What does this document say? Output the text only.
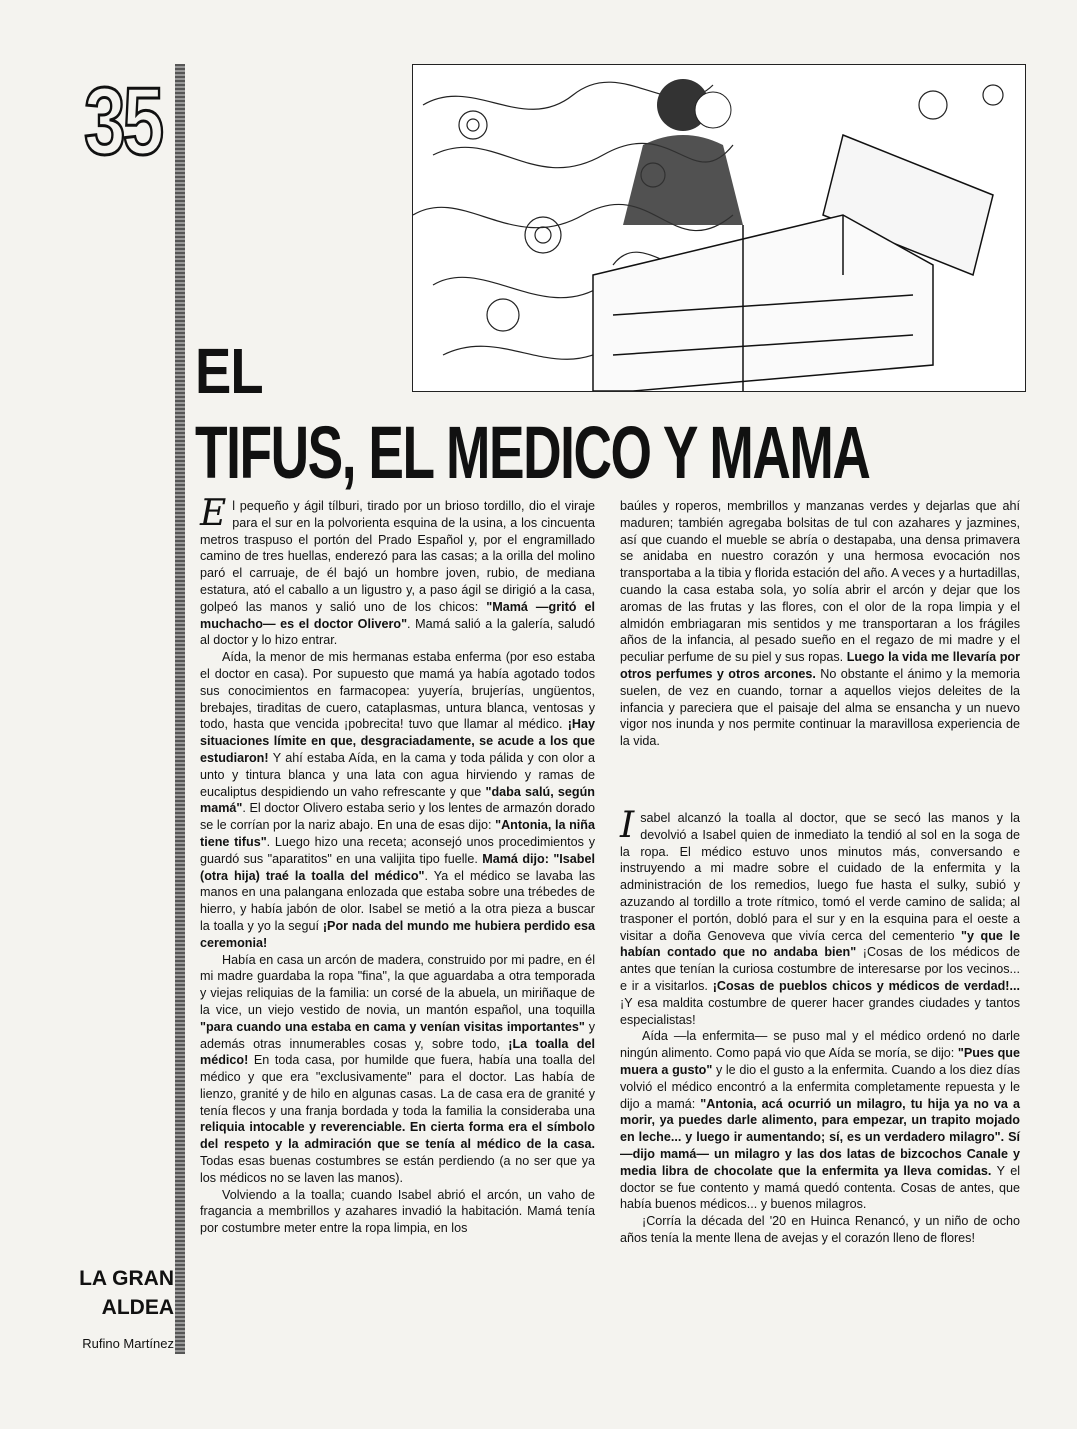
35
EL
TIFUS, EL MEDICO Y MAMA

El pequeño y ágil tílburi, tirado por un brioso tordillo, dio el viraje para el sur en la polvorienta esquina de la usina, a los cincuenta metros traspuso el portón del Prado Español y, por el engramillado camino de tres huellas, enderezó para las casas; a la orilla del molino paró el carruaje, de él bajó un hombre joven, rubio, de mediana estatura, ató el caballo a un ligustro y, a paso ágil se dirigió a la casa, golpeó las manos y salió uno de los chicos: "Mamá —gritó el muchacho— es el doctor Olivero". Mamá salió a la galería, saludó al doctor y lo hizo entrar.

Aída, la menor de mis hermanas estaba enferma (por eso estaba el doctor en casa). Por supuesto que mamá ya había agotado todos sus conocimientos en farmacopea: yuyería, brujerías, ungüentos, brebajes, tiraditas de cuero, cataplasmas, untura blanca, ventosas y todo, hasta que vencida ¡pobrecita! tuvo que llamar al médico. ¡Hay situaciones límite en que, desgraciadamente, se acude a los que estudiaron! Y ahí estaba Aída, en la cama y toda pálida y con olor a unto y tintura blanca y una lata con agua hirviendo y ramas de eucaliptus despidiendo un vaho refrescante y que "daba salú, según mamá". El doctor Olivero estaba serio y los lentes de armazón dorado se le corrían por la nariz abajo. En una de esas dijo: "Antonia, la niña tiene tifus". Luego hizo una receta; aconsejó unos procedimientos y guardó sus "aparatitos" en una valijita tipo fuelle. Mamá dijo: "Isabel (otra hija) traé la toalla del médico". Ya el médico se lavaba las manos en una palangana enlozada que estaba sobre una trébedes de hierro, y había jabón de olor. Isabel se metió a la otra pieza a buscar la toalla y yo la seguí ¡Por nada del mundo me hubiera perdido esa ceremonia!

Había en casa un arcón de madera, construido por mi padre, en él mi madre guardaba la ropa "fina", la que aguardaba a otra temporada y viejas reliquias de la familia: un corsé de la abuela, un miriñaque de la vice, un viejo vestido de novia, un mantón español, una toquilla "para cuando una estaba en cama y venían visitas importantes" y además otras innumerables cosas y, sobre todo, ¡La toalla del médico! En toda casa, por humilde que fuera, había una toalla del médico y que era "exclusivamente" para el doctor. Las había de lienzo, granité y de hilo en algunas casas. La de casa era de granité y tenía flecos y una franja bordada y toda la familia la consideraba una reliquia intocable y reverenciable. En cierta forma era el símbolo del respeto y la admiración que se tenía al médico de la casa. Todas esas buenas costumbres se están perdiendo (a no ser que ya los médicos no se laven las manos).

Volviendo a la toalla; cuando Isabel abrió el arcón, un vaho de fragancia a membrillos y azahares invadió la habitación. Mamá tenía por costumbre meter entre la ropa limpia, en los

baúles y roperos, membrillos y manzanas verdes y dejarlas que ahí maduren; también agregaba bolsitas de tul con azahares y jazmines, así que cuando el mueble se abría o destapaba, una densa primavera se anidaba en nuestro corazón y una hermosa evocación nos transportaba a la tibia y florida estación del año. A veces y a hurtadillas, cuando la casa estaba sola, yo solía abrir el arcón y dejar que los aromas de las frutas y las flores, con el olor de la ropa limpia y el almidón embriagaran mis sentidos y me transportaran a los frágiles años de la infancia, al pesado sueño en el regazo de mi madre y el peculiar perfume de su piel y sus ropas. Luego la vida me llevaría por otros perfumes y otros arcones. No obstante el ánimo y la memoria suelen, de vez en cuando, tornar a aquellos viejos deleites de la infancia y pareciera que el paisaje del alma se ensancha y un nuevo vigor nos inunda y nos permite continuar la maravillosa experiencia de la vida.

Isabel alcanzó la toalla al doctor, que se secó las manos y la devolvió a Isabel quien de inmediato la tendió al sol en la soga de la ropa. El médico estuvo unos minutos más, conversando e instruyendo a mi madre sobre el cuidado de la enfermita y la administración de los remedios, luego fue hasta el sulky, subió y azuzando al tordillo a trote rítmico, tomó el verde camino de salida; al trasponer el portón, dobló para el sur y en la esquina para el oeste a visitar a doña Genoveva que vivía cerca del cementerio "y que le habían contado que no andaba bien" ¡Cosas de los médicos de antes que tenían la curiosa costumbre de interesarse por los vecinos... e ir a visitarlos. ¡Cosas de pueblos chicos y médicos de verdad!... ¡Y esa maldita costumbre de querer hacer grandes ciudades y tantos especialistas!

Aída —la enfermita— se puso mal y el médico ordenó no darle ningún alimento. Como papá vio que Aída se moría, se dijo: "Pues que muera a gusto" y le dio el gusto a la enfermita. Cuando a los diez días volvió el médico encontró a la enfermita completamente repuesta y le dijo a mamá: "Antonia, acá ocurrió un milagro, tu hija ya no va a morir, ya puedes darle alimento, para empezar, un trapito mojado en leche... y luego ir aumentando; sí, es un verdadero milagro". Sí —dijo mamá— un milagro y las dos latas de bizcochos Canale y media libra de chocolate que la enfermita ya lleva comidas. Y el doctor se fue contento y mamá quedó contenta. Cosas de antes, que había buenos médicos... y buenos milagros.

¡Corría la década del '20 en Huinca Renancó, y un niño de ocho años tenía la mente llena de avejas y el corazón lleno de flores!

LA GRAN
ALDEA
Rufino Martínez
